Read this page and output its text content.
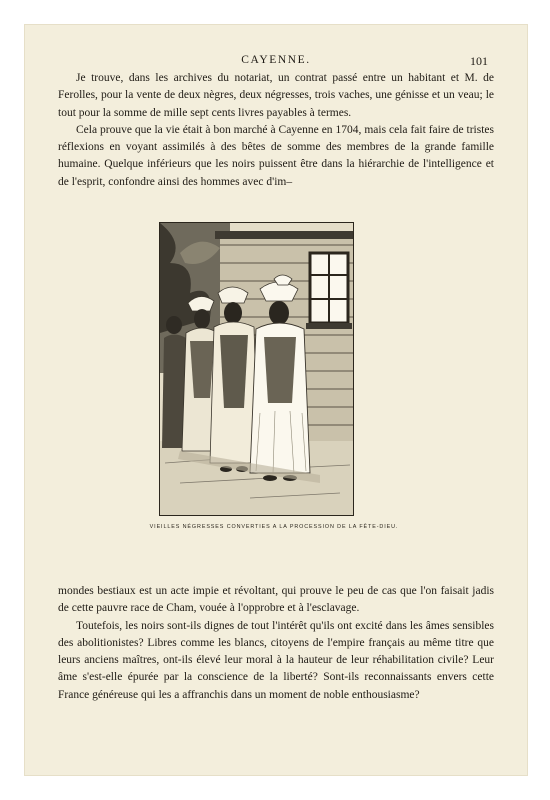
CAYENNE.	101

Je trouve, dans les archives du notariat, un contrat passé entre un habitant et M. de Ferolles, pour la vente de deux nègres, deux négresses, trois vaches, une génisse et un veau; le tout pour la somme de mille sept cents livres payables à termes.

Cela prouve que la vie était à bon marché à Cayenne en 1704, mais cela fait faire de tristes réflexions en voyant assimilés à des bêtes de somme des membres de la grande famille humaine. Quelque inférieurs que les noirs puissent être dans la hiérarchie de l'intelligence et de l'esprit, confondre ainsi des hommes avec d'im–

VIEILLES NÉGRESSES CONVERTIES A LA PROCESSION DE LA FÊTE-DIEU.

mondes bestiaux est un acte impie et révoltant, qui prouve le peu de cas que l'on faisait jadis de cette pauvre race de Cham, vouée à l'opprobre et à l'esclavage.

Toutefois, les noirs sont-ils dignes de tout l'intérêt qu'ils ont excité dans les âmes sensibles des abolitionistes? Libres comme les blancs, citoyens de l'empire français au même titre que leurs anciens maîtres, ont-ils élevé leur moral à la hauteur de leur réhabilitation civile? Leur âme s'est-elle épurée par la conscience de la liberté? Sont-ils reconnaissants envers cette France généreuse qui les a affranchis dans un moment de noble enthousiasme?
